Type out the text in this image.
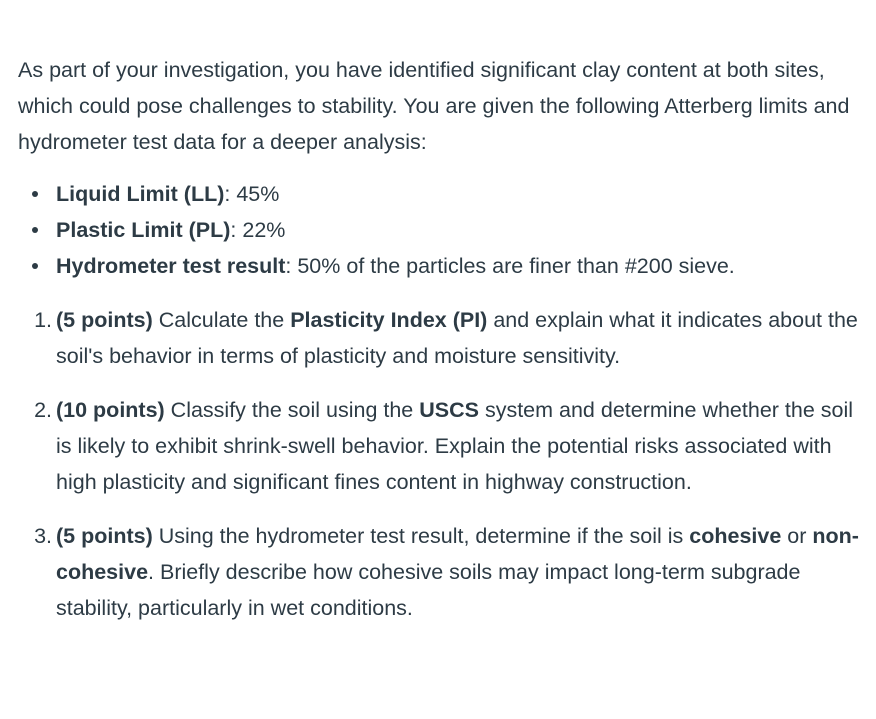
As part of your investigation, you have identified significant clay content at both sites, which could pose challenges to stability. You are given the following Atterberg limits and hydrometer test data for a deeper analysis:

Liquid Limit (LL): 45%
Plastic Limit (PL): 22%
Hydrometer test result: 50% of the particles are finer than #200 sieve.
1. (5 points) Calculate the Plasticity Index (PI) and explain what it indicates about the soil's behavior in terms of plasticity and moisture sensitivity.
2. (10 points) Classify the soil using the USCS system and determine whether the soil is likely to exhibit shrink-swell behavior. Explain the potential risks associated with high plasticity and significant fines content in highway construction.
3. (5 points) Using the hydrometer test result, determine if the soil is cohesive or non-cohesive. Briefly describe how cohesive soils may impact long-term subgrade stability, particularly in wet conditions.
